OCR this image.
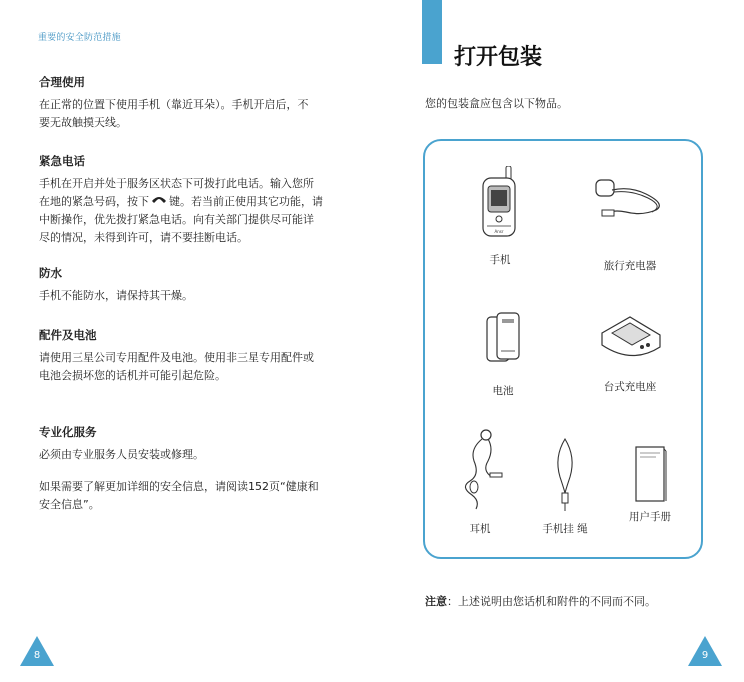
重要的安全防范措施
合理使用

在正常的位置下使用手机（靠近耳朵）。手机开启后，不要无故触摸天线。

紧急电话

手机在开启并处于服务区状态下可拨打此电话。输入您所在地的紧急号码，按下 键。若当前正使用其它功能，请中断操作，优先拨打紧急电话。向有关部门提供尽可能详尽的情况，未得到许可，请不要挂断电话。

防水

手机不能防水，请保持其干燥。

配件及电池

请使用三星公司专用配件及电池。使用非三星专用配件或电池会损坏您的话机并可能引起危险。

专业化服务

必须由专业服务人员安装或修理。

如果需要了解更加详细的安全信息，请阅读152页“健康和安全信息”。
8
打开包装
您的包装盒应包含以下物品。
Ansr
手机	旅行充电器
电池	台式充电座
耳机	手机挂 绳
用户手册
注意：上述说明由您话机和附件的不同而不同。
9
